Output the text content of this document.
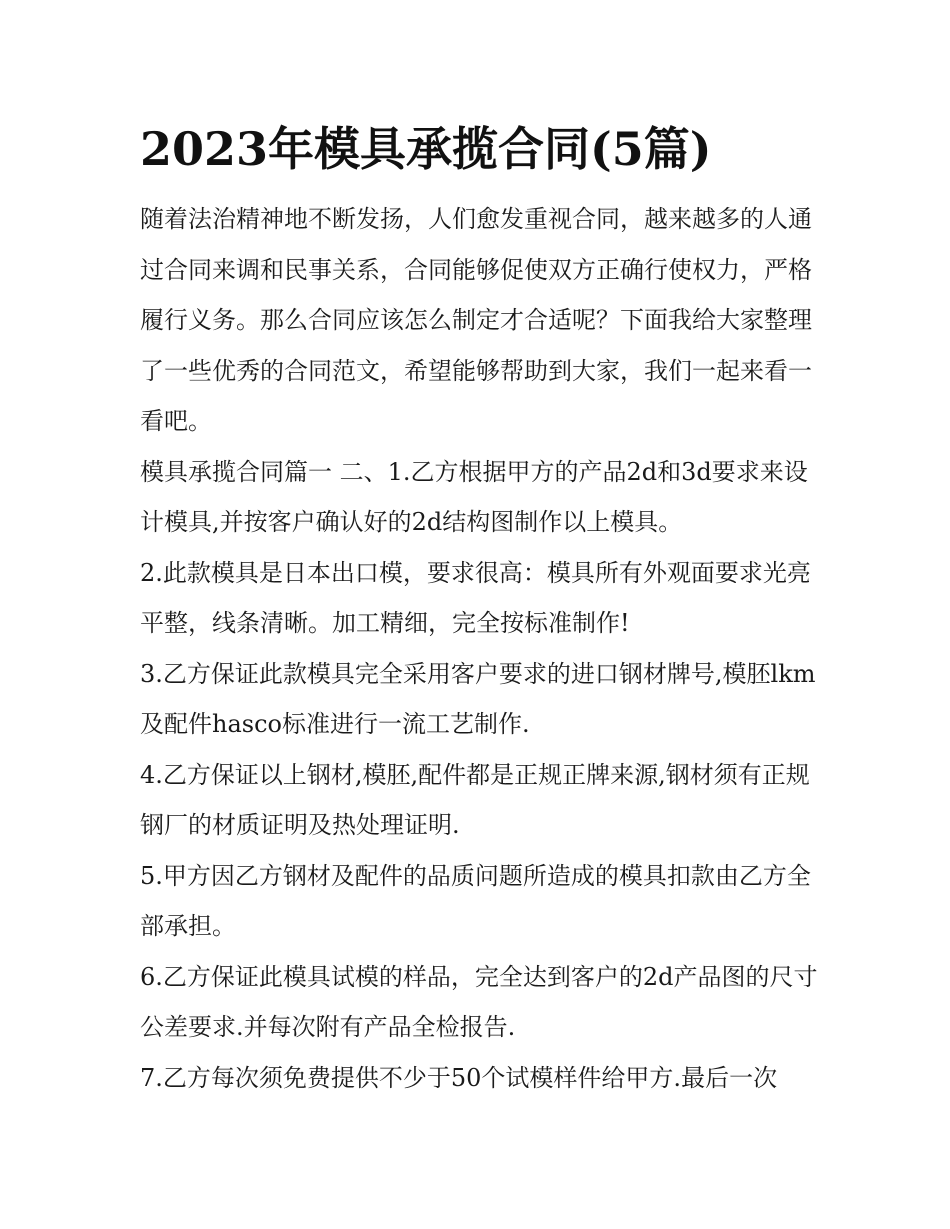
2023年模具承揽合同(5篇)

随着法治精神地不断发扬，人们愈发重视合同，越来越多的人通过合同来调和民事关系，合同能够促使双方正确行使权力，严格履行义务。那么合同应该怎么制定才合适呢？下面我给大家整理了一些优秀的合同范文，希望能够帮助到大家，我们一起来看一看吧。

模具承揽合同篇一 二、1.乙方根据甲方的产品2d和3d要求来设计模具,并按客户确认好的2d结构图制作以上模具。

2.此款模具是日本出口模，要求很高：模具所有外观面要求光亮平整，线条清晰。加工精细，完全按标准制作!

3.乙方保证此款模具完全采用客户要求的进口钢材牌号,模胚lkm及配件hasco标准进行一流工艺制作.

4.乙方保证以上钢材,模胚,配件都是正规正牌来源,钢材须有正规钢厂的材质证明及热处理证明.

5.甲方因乙方钢材及配件的品质问题所造成的模具扣款由乙方全部承担。

6.乙方保证此模具试模的样品，完全达到客户的2d产品图的尺寸公差要求.并每次附有产品全检报告.

7.乙方每次须免费提供不少于50个试模样件给甲方.最后一次
